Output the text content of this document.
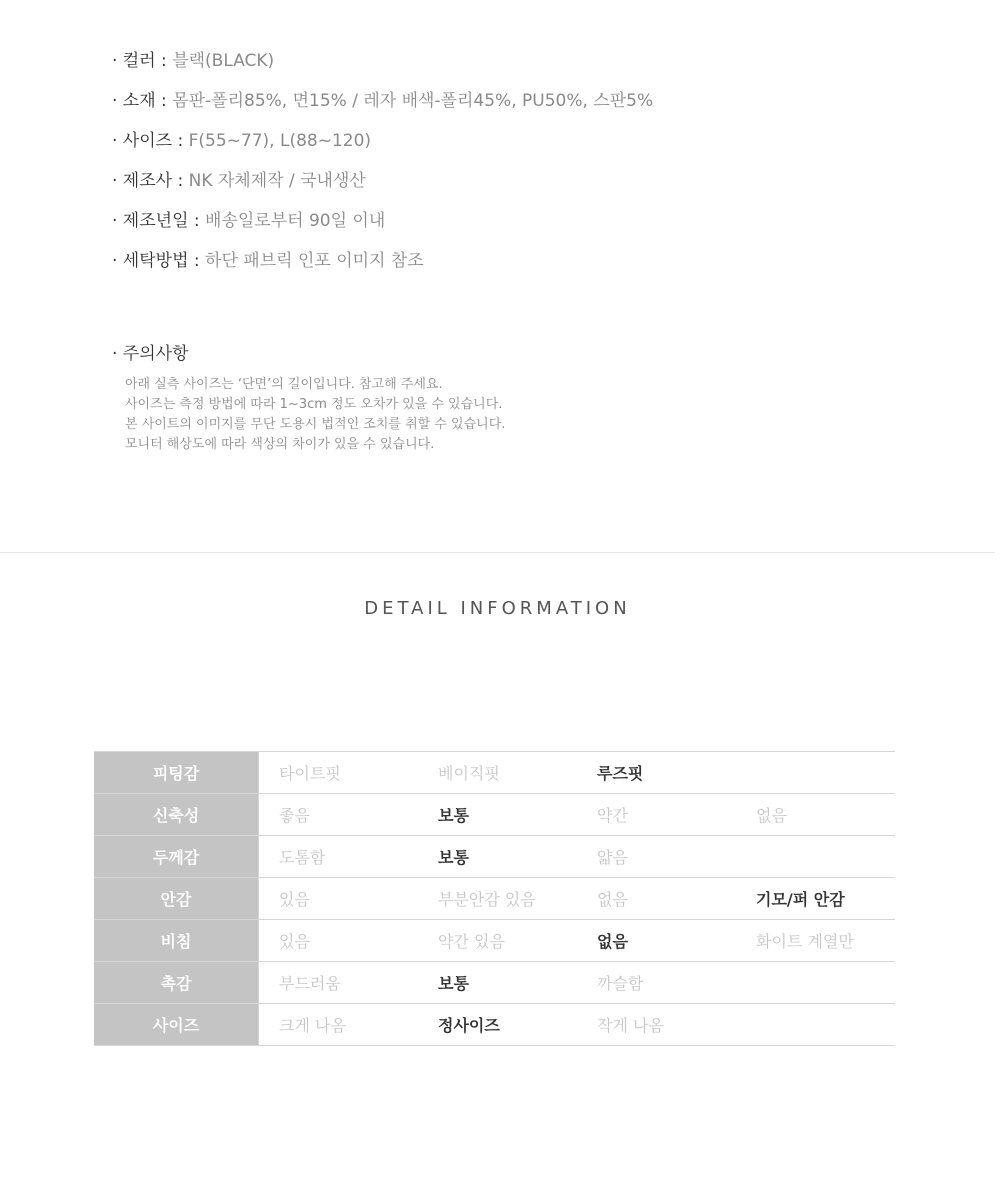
· 컬러 : 블랙(BLACK)
· 소재 : 몸판-폴리85%, 면15% / 레자 배색-폴리45%, PU50%, 스판5%
· 사이즈 : F(55~77), L(88~120)
· 제조사 : NK 자체제작 / 국내생산
· 제조년일 : 배송일로부터 90일 이내
· 세탁방법 : 하단 패브릭 인포 이미지 참조
· 주의사항
아래 실측 사이즈는 ‘단면’의 길이입니다. 참고해 주세요.
사이즈는 측정 방법에 따라 1~3cm 정도 오차가 있을 수 있습니다.
본 사이트의 이미지를 무단 도용시 법적인 조치를 취할 수 있습니다.
모니터 해상도에 따라 색상의 차이가 있을 수 있습니다.
DETAIL INFORMATION
피팅감	타이트핏	베이직핏	루즈핏
신축성	좋음	보통	약간	없음
두께감	도톰함	보통	얇음
안감	있음	부분안감 있음	없음	기모/퍼 안감
비침	있음	약간 있음	없음	화이트 계열만
촉감	부드러움	보통	까슬함
사이즈	크게 나옴	정사이즈	작게 나옴
